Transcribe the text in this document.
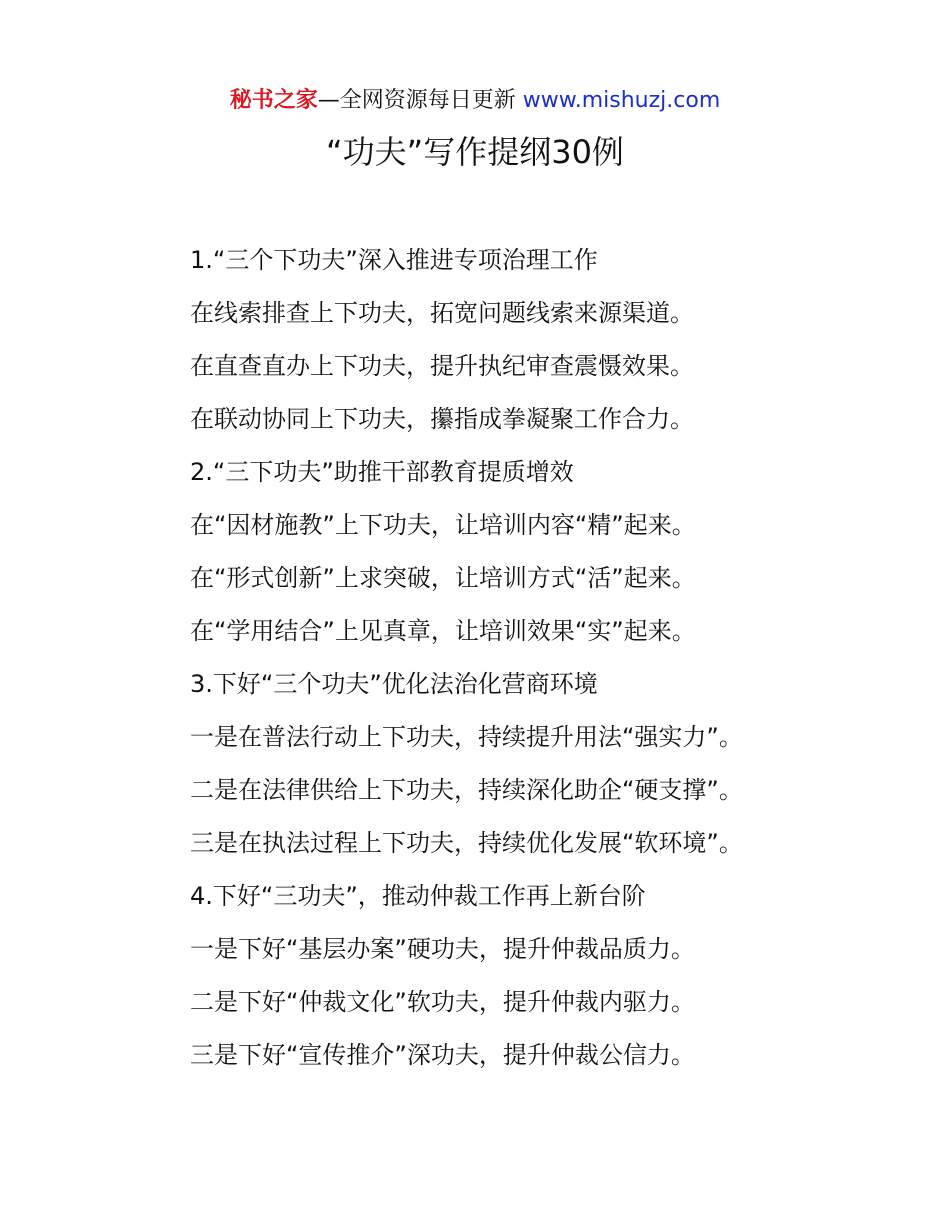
秘书之家—全网资源每日更新 www.mishuzj.com
“功夫”写作提纲30例
1.“三个下功夫”深入推进专项治理工作
在线索排查上下功夫，拓宽问题线索来源渠道。
在直查直办上下功夫，提升执纪审查震慑效果。
在联动协同上下功夫，攥指成拳凝聚工作合力。
2.“三下功夫”助推干部教育提质增效
在“因材施教”上下功夫，让培训内容“精”起来。
在“形式创新”上求突破，让培训方式“活”起来。
在“学用结合”上见真章，让培训效果“实”起来。
3.下好“三个功夫”优化法治化营商环境
一是在普法行动上下功夫，持续提升用法“强实力”。
二是在法律供给上下功夫，持续深化助企“硬支撑”。
三是在执法过程上下功夫，持续优化发展“软环境”。
4.下好“三功夫”，推动仲裁工作再上新台阶
一是下好“基层办案”硬功夫，提升仲裁品质力。
二是下好“仲裁文化”软功夫，提升仲裁内驱力。
三是下好“宣传推介”深功夫，提升仲裁公信力。
